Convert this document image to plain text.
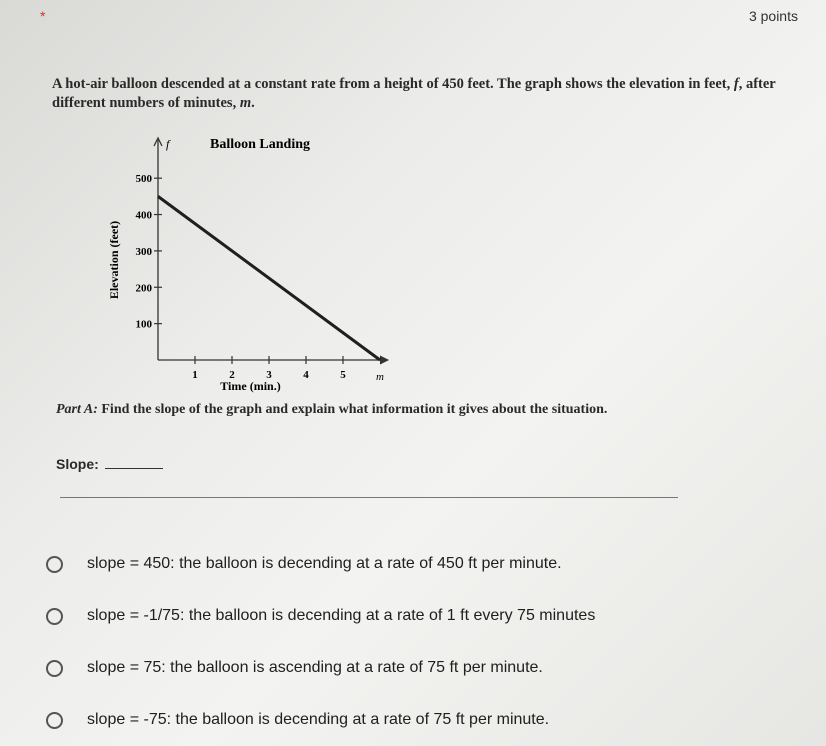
*	3 points
A hot-air balloon descended at a constant rate from a height of 450 feet. The graph shows the elevation in feet, f, after different numbers of minutes, m.
f
m
Balloon Landing
100
200
300
400
500
1	2	3	4	5
Elevation (feet)
Time (min.)
Part A: Find the slope of the graph and explain what information it gives about the situation.
Slope:
slope = 450: the balloon is decending at a rate of 450 ft per minute.
slope = -1/75: the balloon is decending at a rate of 1 ft every 75 minutes
slope = 75: the balloon is ascending at a rate of 75 ft per minute.
slope = -75: the balloon is decending at a rate of 75 ft per minute.
